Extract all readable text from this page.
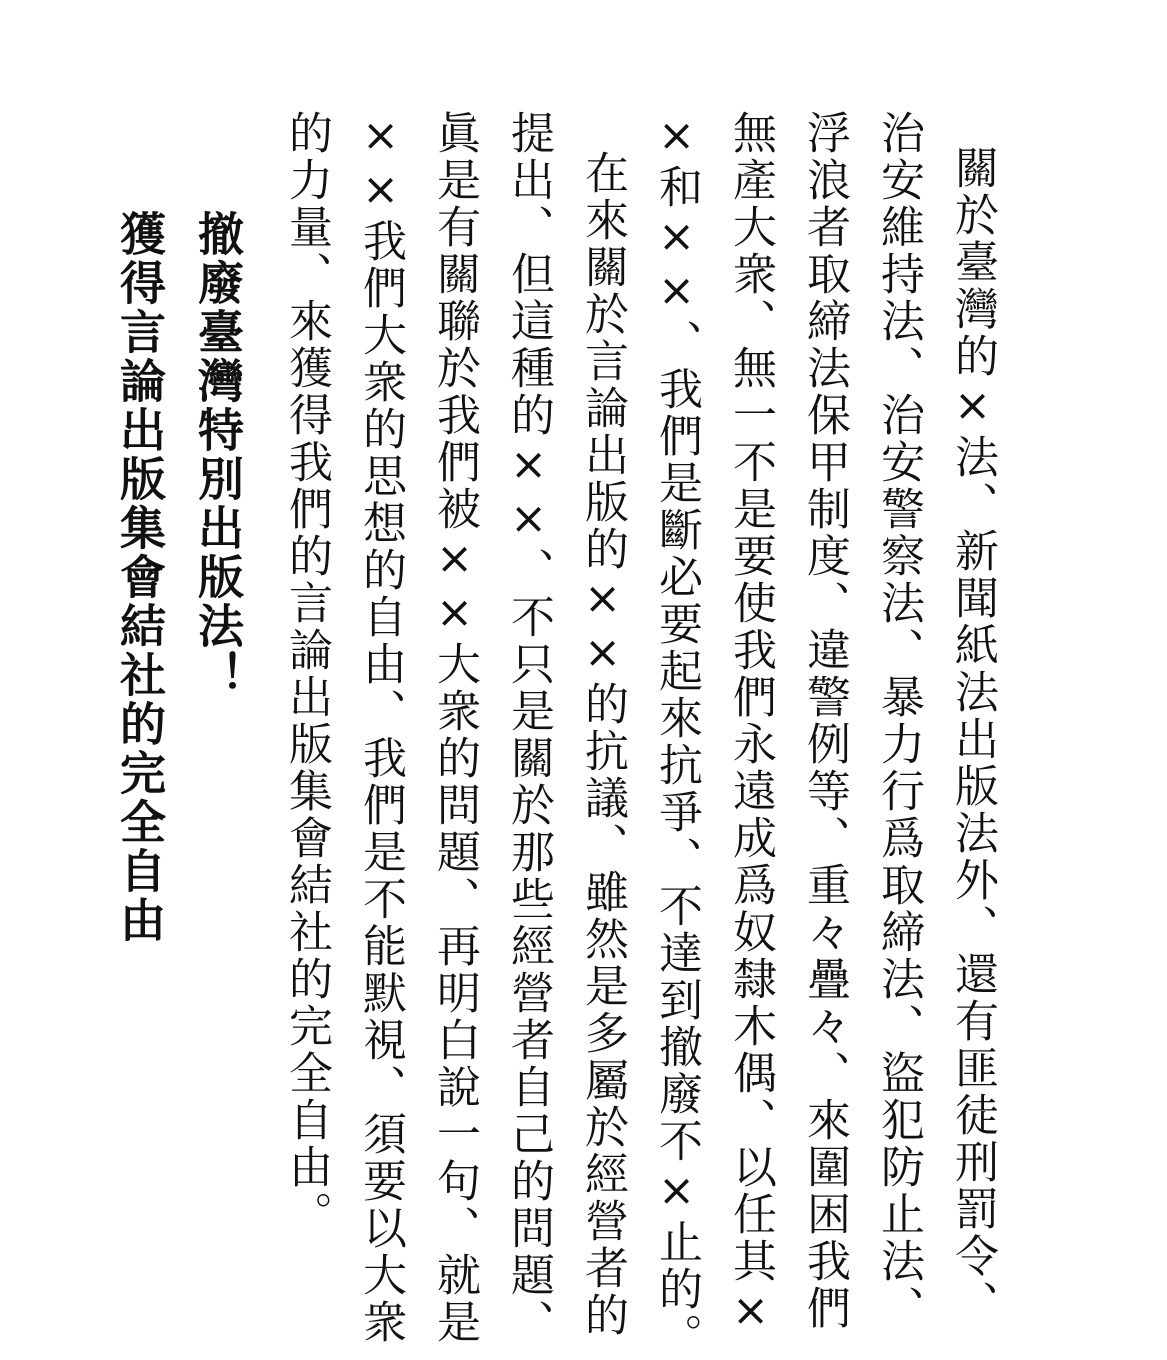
關於臺灣的×法、新聞紙法出版法外、還有匪徒刑罰令、
治安維持法、治安警察法、暴力行爲取締法、盜犯防止法、
浮浪者取締法保甲制度、違警例等、重々疊々、來圍困我們
無產大衆、無一不是要使我們永遠成爲奴隸木偶、以任其×
×和××、我們是斷必要起來抗爭、不達到撤廢不×止的。
在來關於言論出版的××的抗議、雖然是多屬於經營者的
提出、但這種的××、不只是關於那些經營者自己的問題、
眞是有關聯於我們被××大衆的問題、再明白說一句、就是
××我們大衆的思想的自由、我們是不能默視、須要以大衆
的力量、來獲得我們的言論出版集會結社的完全自由。
撤廢臺灣特別出版法！
獲得言論出版集會結社的完全自由
